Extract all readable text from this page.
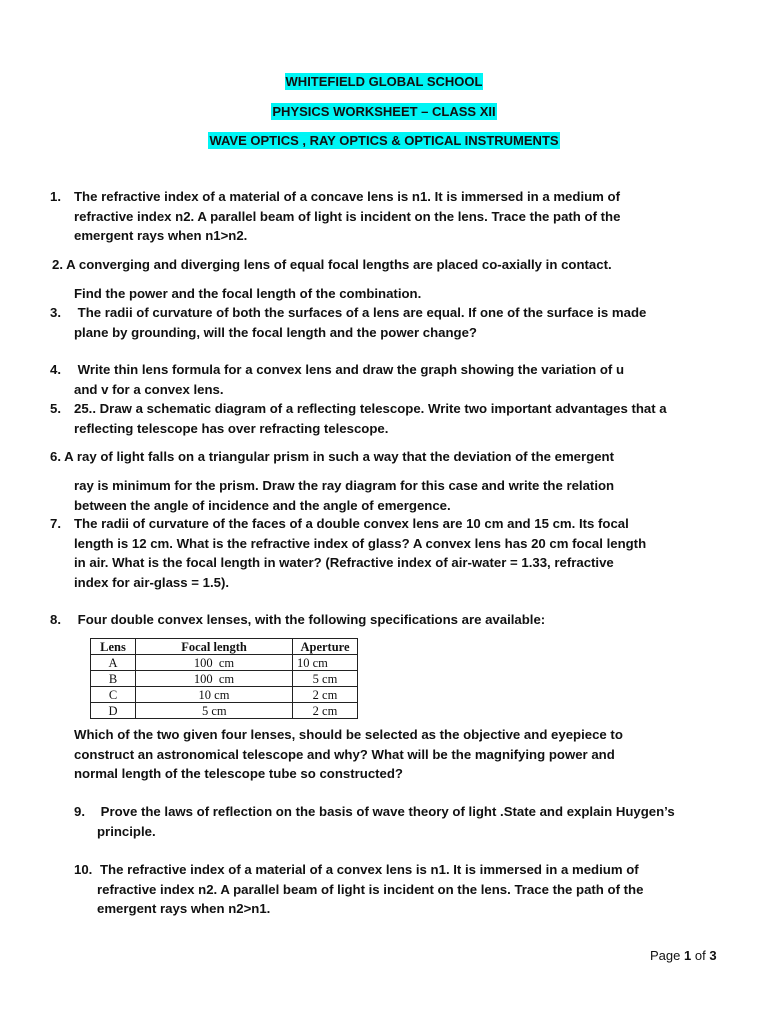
WHITEFIELD GLOBAL SCHOOL
PHYSICS WORKSHEET – CLASS XII
WAVE OPTICS , RAY OPTICS & OPTICAL INSTRUMENTS
1. The refractive index of a material of a concave lens is n1. It is immersed in a medium of
refractive index n2. A parallel beam of light is incident on the lens. Trace the path of the
emergent rays when n1>n2.
2. A converging and diverging lens of equal focal lengths are placed co-axially in contact.
Find the power and the focal length of the combination.
3. The radii of curvature of both the surfaces of a lens are equal. If one of the surface is made
plane by grounding, will the focal length and the power change?
4. Write thin lens formula for a convex lens and draw the graph showing the variation of u
and v for a convex lens.
5. 25.. Draw a schematic diagram of a reflecting telescope. Write two important advantages that a
reflecting telescope has over refracting telescope.
6. A ray of light falls on a triangular prism in such a way that the deviation of the emergent
ray is minimum for the prism. Draw the ray diagram for this case and write the relation
between the angle of incidence and the angle of emergence.
7. The radii of curvature of the faces of a double convex lens are 10 cm and 15 cm. Its focal
length is 12 cm. What is the refractive index of glass? A convex lens has 20 cm focal length
in air. What is the focal length in water? (Refractive index of air-water = 1.33, refractive
index for air-glass = 1.5).
8. Four double convex lenses, with the following specifications are available:
Lens	Focal length	Aperture
A	100  cm	10 cm
B	100  cm	5 cm
C	10 cm	2 cm
D	5 cm	2 cm
Which of the two given four lenses, should be selected as the objective and eyepiece to
construct an astronomical telescope and why? What will be the magnifying power and
normal length of the telescope tube so constructed?
9. Prove the laws of reflection on the basis of wave theory of light .State and explain Huygen’s
principle.
10. The refractive index of a material of a convex lens is n1. It is immersed in a medium of
refractive index n2. A parallel beam of light is incident on the lens. Trace the path of the
emergent rays when n2>n1.
Page 1 of 3
